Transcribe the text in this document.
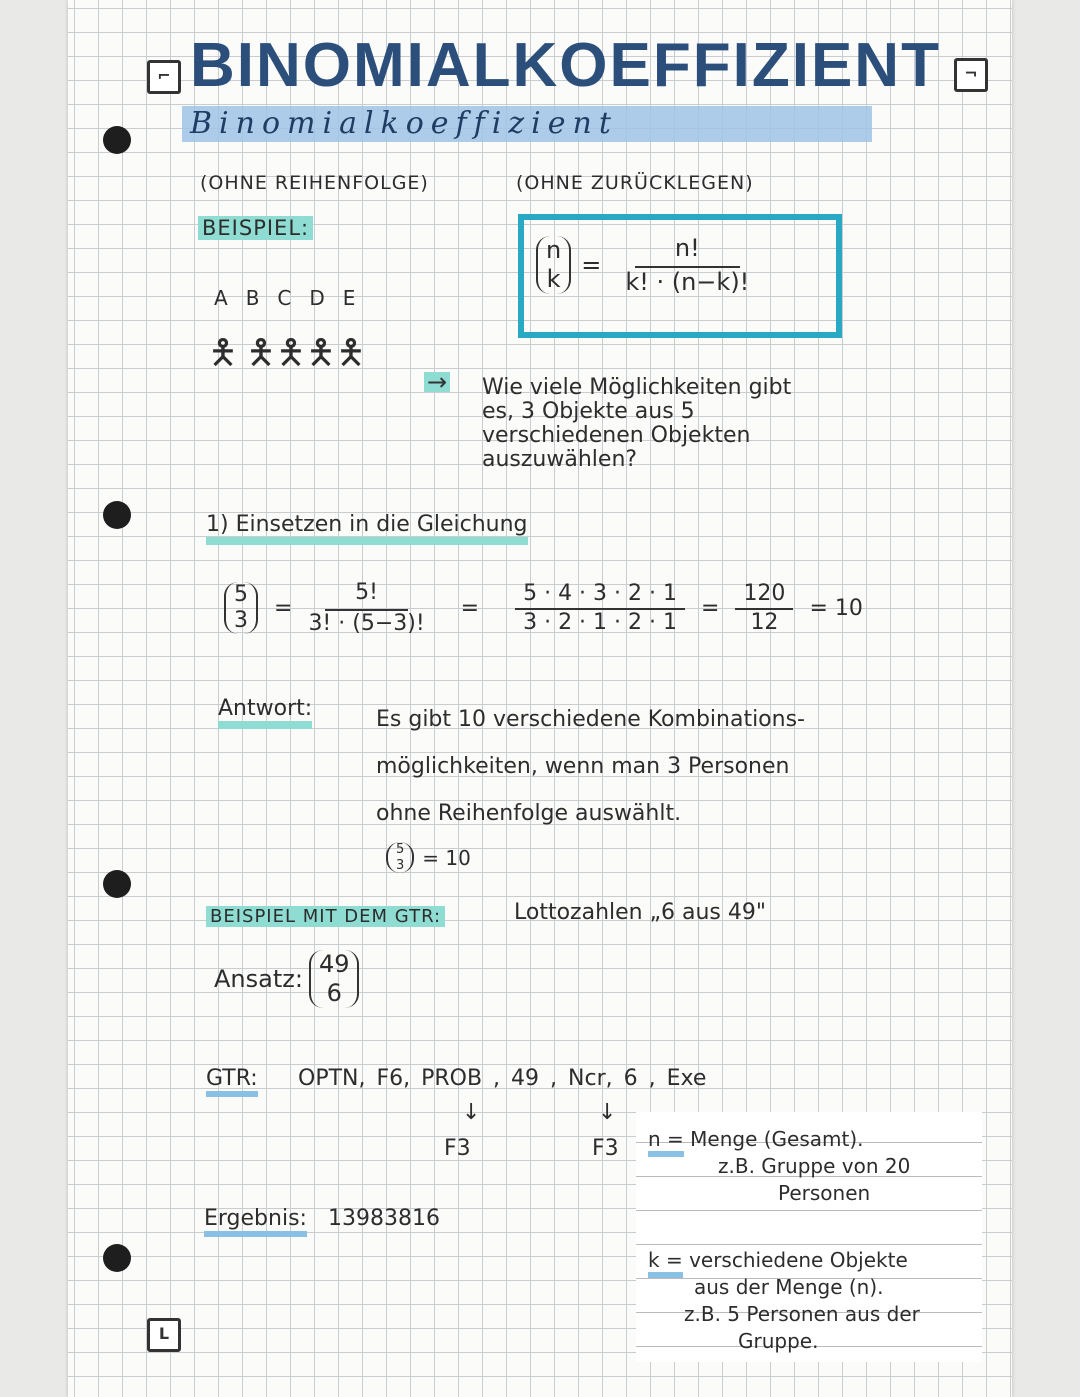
⌐	¬
L
BINOMIALKOEFFIZIENT
Binomialkoeffizient
(OHNE REIHENFOLGE)	(OHNE ZURÜCKLEGEN)
BEISPIEL:
n
$k = \frac{n!}{k! \cdot (n-k)!}$
A B C D E
🯅 🯅 🯅 🯅 🯅
→ Wie viele Möglichkeiten gibt
es, 3 Objekte aus 5
verschiedenen Objekten
auszuwählen?
1) Einsetzen in die Gleichung
5
$3 = \frac{5!}{3! \cdot (5-3)!} = \frac{5 \cdot 4 \cdot 3 \cdot 2 \cdot 1}{3 \cdot 2 \cdot 1 \cdot 2 \cdot 1} = \frac{120}{12} = 10$
Antwort:	Es gibt 10 verschiedene Kombinations-
möglichkeiten, wenn man 3 Personen
ohne Reihenfolge auswählt.
5
3 = 10
BEISPIEL MIT DEM GTR:	Lottozahlen „6 aus 49"
Ansatz:
49
6
GTR: OPTN, F6, PROB , 49 , Ncr, 6 , Exe
↓
F3
↓
F3
Ergebnis: 13983816
n = Menge (Gesamt).
z.B. Gruppe von 20
Personen
k = verschiedene Objekte
aus der Menge (n).
z.B. 5 Personen aus der
Gruppe.
